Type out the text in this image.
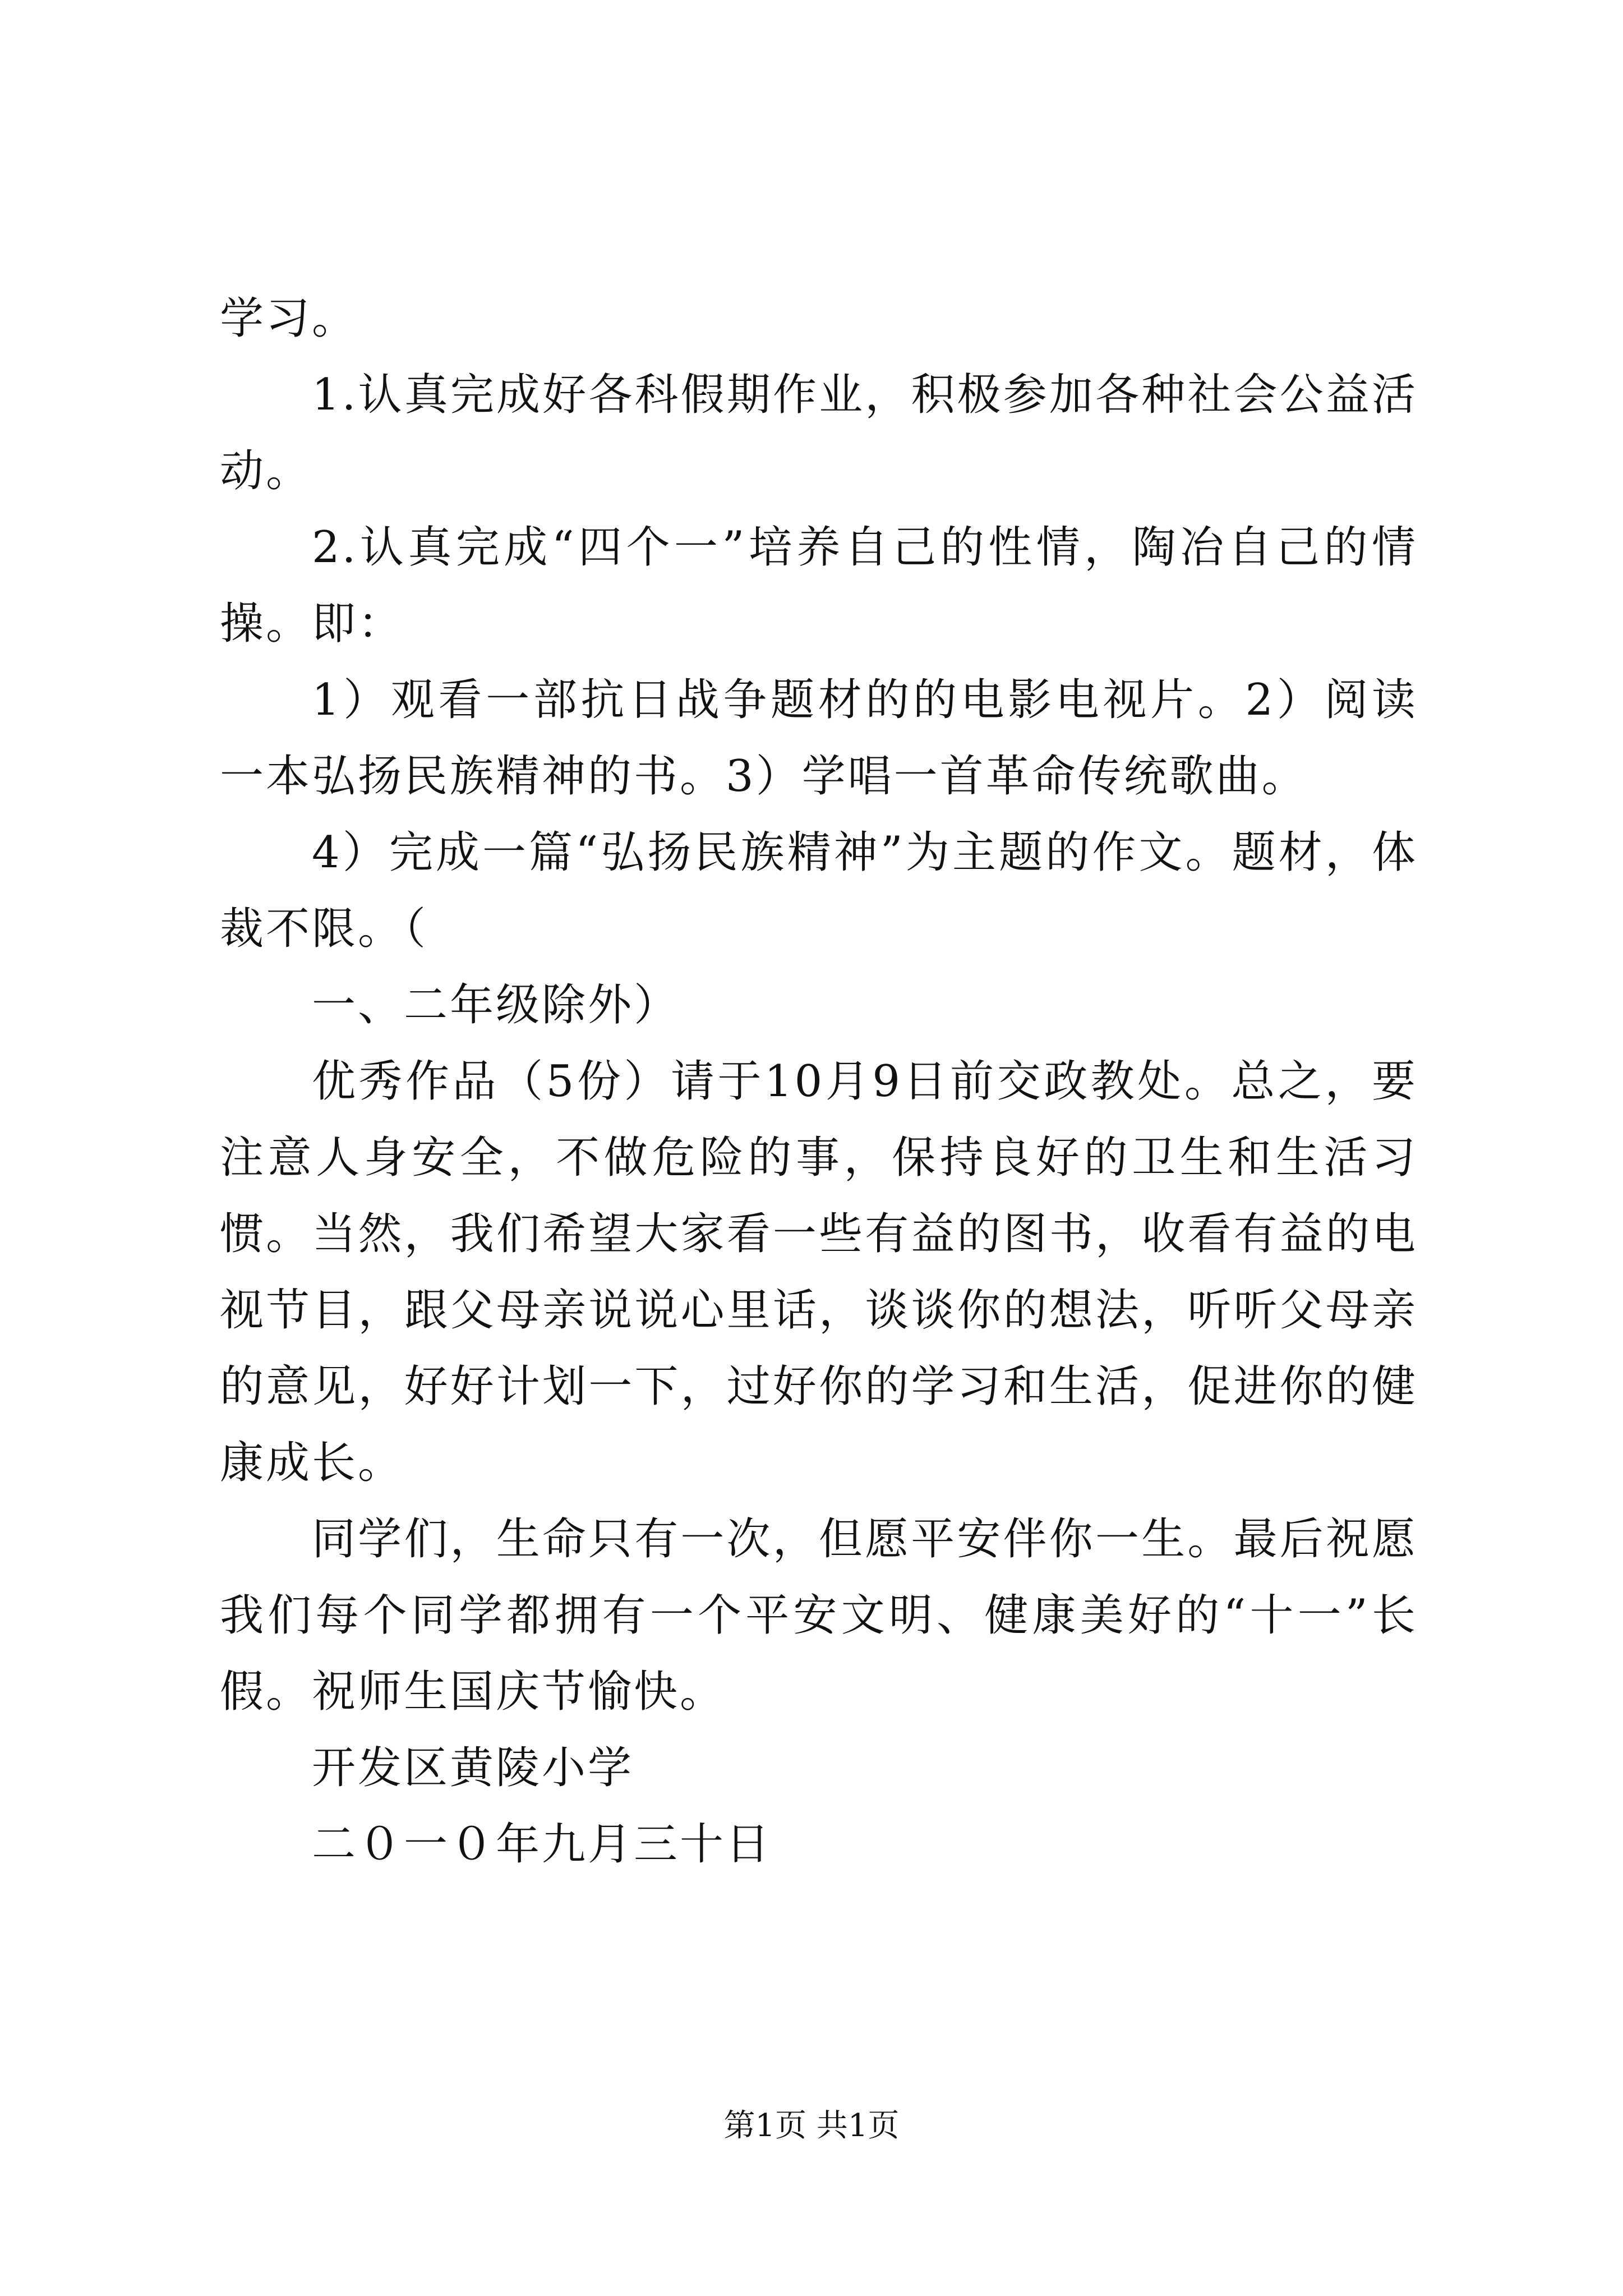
学习。

1.认真完成好各科假期作业，积极参加各种社会公益活动。

2.认真完成“四个一”培养自己的性情，陶冶自己的情操。即：

1）观看一部抗日战争题材的的电影电视片。2）阅读一本弘扬民族精神的书。3）学唱一首革命传统歌曲。

4）完成一篇“弘扬民族精神”为主题的作文。题材，体裁不限。（

一、二年级除外）

优秀作品（5份）请于10月9日前交政教处。总之，要注意人身安全，不做危险的事，保持良好的卫生和生活习惯。当然，我们希望大家看一些有益的图书，收看有益的电视节目，跟父母亲说说心里话，谈谈你的想法，听听父母亲的意见，好好计划一下，过好你的学习和生活，促进你的健康成长。

同学们，生命只有一次，但愿平安伴你一生。最后祝愿我们每个同学都拥有一个平安文明、健康美好的“十一”长假。祝师生国庆节愉快。

开发区黄陵小学

二０一０年九月三十日

第1页 共1页
